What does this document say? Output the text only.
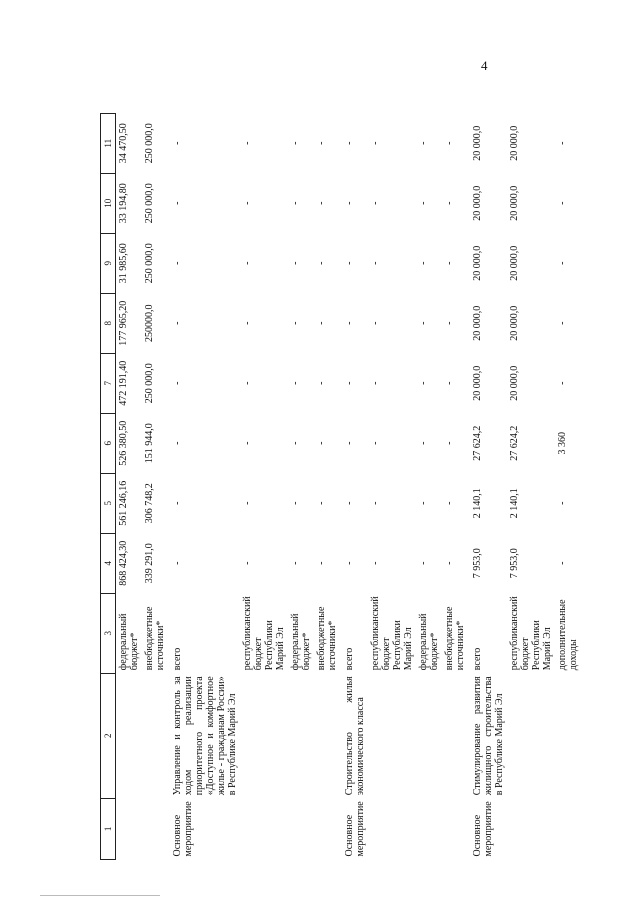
4
1	2	3	4	5	6	7	8	9	10	11
		федеральный бюджет*	868 424,30	561 246,16	526 380,50	472 191,40	177 965,20	31 985,60	33 194,80	34 470,50
		внебюджетные источники*	339 291,0	306 748,2	151 944,0	250 000,0	250000,0	250 000,0	250 000,0	250 000,0
Основное мероприятие	Управление и контроль за ходом реализации приоритетного проекта «Доступное и комфортное жилье - гражданам России» в Республике Марий Эл	всего	-	-	-	-	-	-	-	-
		республиканский бюджет Республики Марий Эл	-	-	-	-	-	-	-	-
		федеральный бюджет*	-	-	-	-	-	-	-	-
		внебюджетные источники*	-	-	-	-	-	-	-	-
Основное мероприятие	Строительство жилья экономического класса	всего	-	-	-	-	-	-	-	-
		республиканский бюджет Республики Марий Эл	-	-	-	-	-	-	-	-
		федеральный бюджет*	-	-	-	-	-	-	-	-
		внебюджетные источники*	-	-	-	-	-	-	-	-
Основное мероприятие	Стимулирование развития жилищного строительства в Республике Марий Эл	всего	7 953,0	2 140,1	27 624,2	20 000,0	20 000,0	20 000,0	20 000,0	20 000,0
		республиканский бюджет Республики Марий Эл	7 953,0	2 140,1	27 624,2	20 000,0	20 000,0	20 000,0	20 000,0	20 000,0
		дополнительные доходы	-	-	3 360	-	-	-	-	-
